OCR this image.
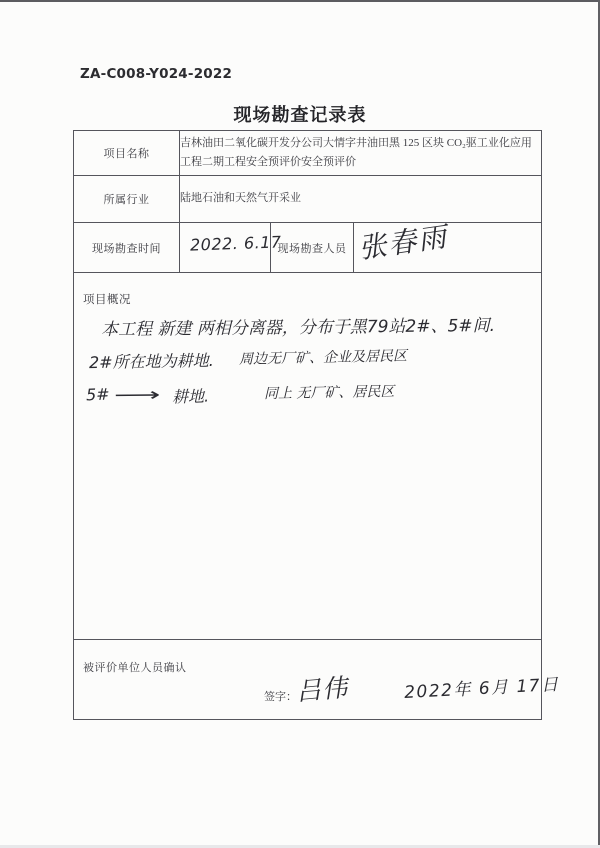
ZA-C008-Y024-2022
现场勘查记录表
项目名称	吉林油田二氧化碳开发分公司大情字井油田黑 125 区块 CO₂驱工业化应用工程二期工程安全预评价安全预评价		
所属行业	陆地石油和天然气开采业		
现场勘查时间	2022. 6.17	现场勘查人员	张春雨

项目概况
本工程 新建 两相分离器，分布于黑79站2#、5#间.
2#所在地为耕地. 周边无厂矿、企业及居民区
5# ⟶ 耕地.	同上 无厂矿、居民区

被评价单位人员确认
签字：
吕伟 2022年 6月 17日			
